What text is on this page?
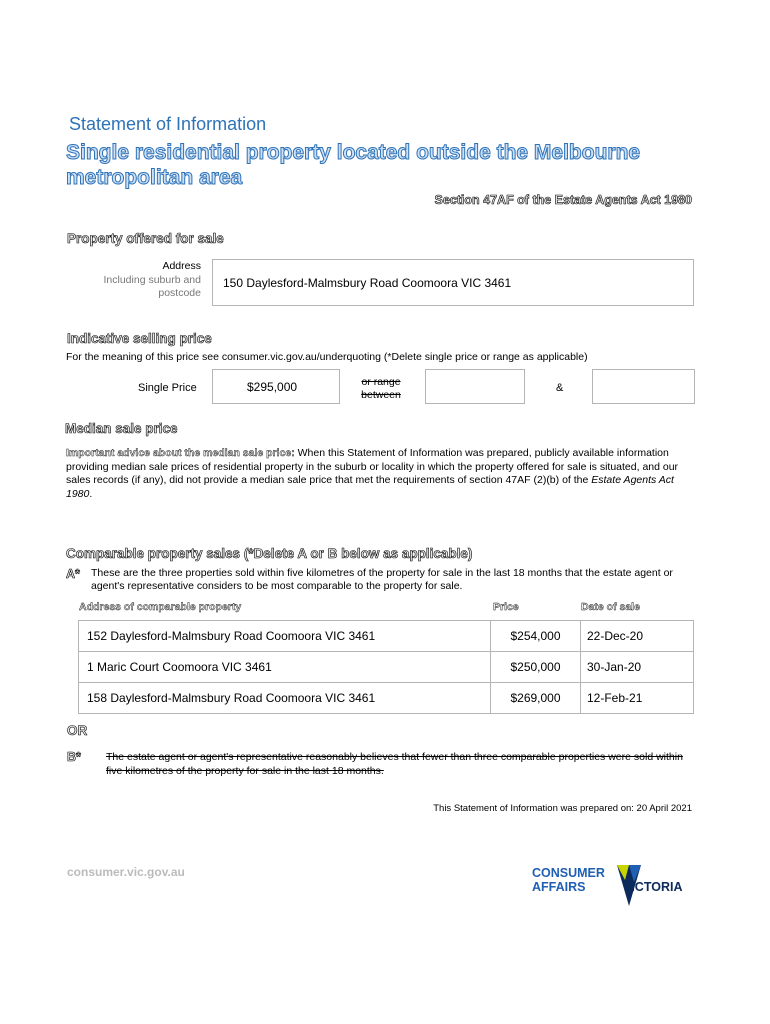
Statement of Information
Single residential property located outside the Melbourne metropolitan area
Section 47AF of the Estate Agents Act 1980
Property offered for sale
Address
Including suburb and postcode
150 Daylesford-Malmsbury Road Coomoora VIC 3461
Indicative selling price
For the meaning of this price see consumer.vic.gov.au/underquoting (*Delete single price or range as applicable)
Single Price	$295,000	or range between
&
Median sale price
Important advice about the median sale price: When this Statement of Information was prepared, publicly available information providing median sale prices of residential property in the suburb or locality in which the property offered for sale is situated, and our sales records (if any), did not provide a median sale price that met the requirements of section 47AF (2)(b) of the Estate Agents Act 1980.
Comparable property sales (*Delete A or B below as applicable)
A* These are the three properties sold within five kilometres of the property for sale in the last 18 months that the estate agent or agent's representative considers to be most comparable to the property for sale.
Address of comparable property	Price	Date of sale
152 Daylesford-Malmsbury Road Coomoora VIC 3461	$254,000	22-Dec-20
1 Maric Court Coomoora VIC 3461	$250,000	30-Jan-20
158 Daylesford-Malmsbury Road Coomoora VIC 3461	$269,000	12-Feb-21
OR
B* The estate agent or agent's representative reasonably believes that fewer than three comparable properties were sold within five kilometres of the property for sale in the last 18 months.
This Statement of Information was prepared on: 20 April 2021
consumer.vic.gov.au	CONSUMER
AFFAIRS	VICTORIA
